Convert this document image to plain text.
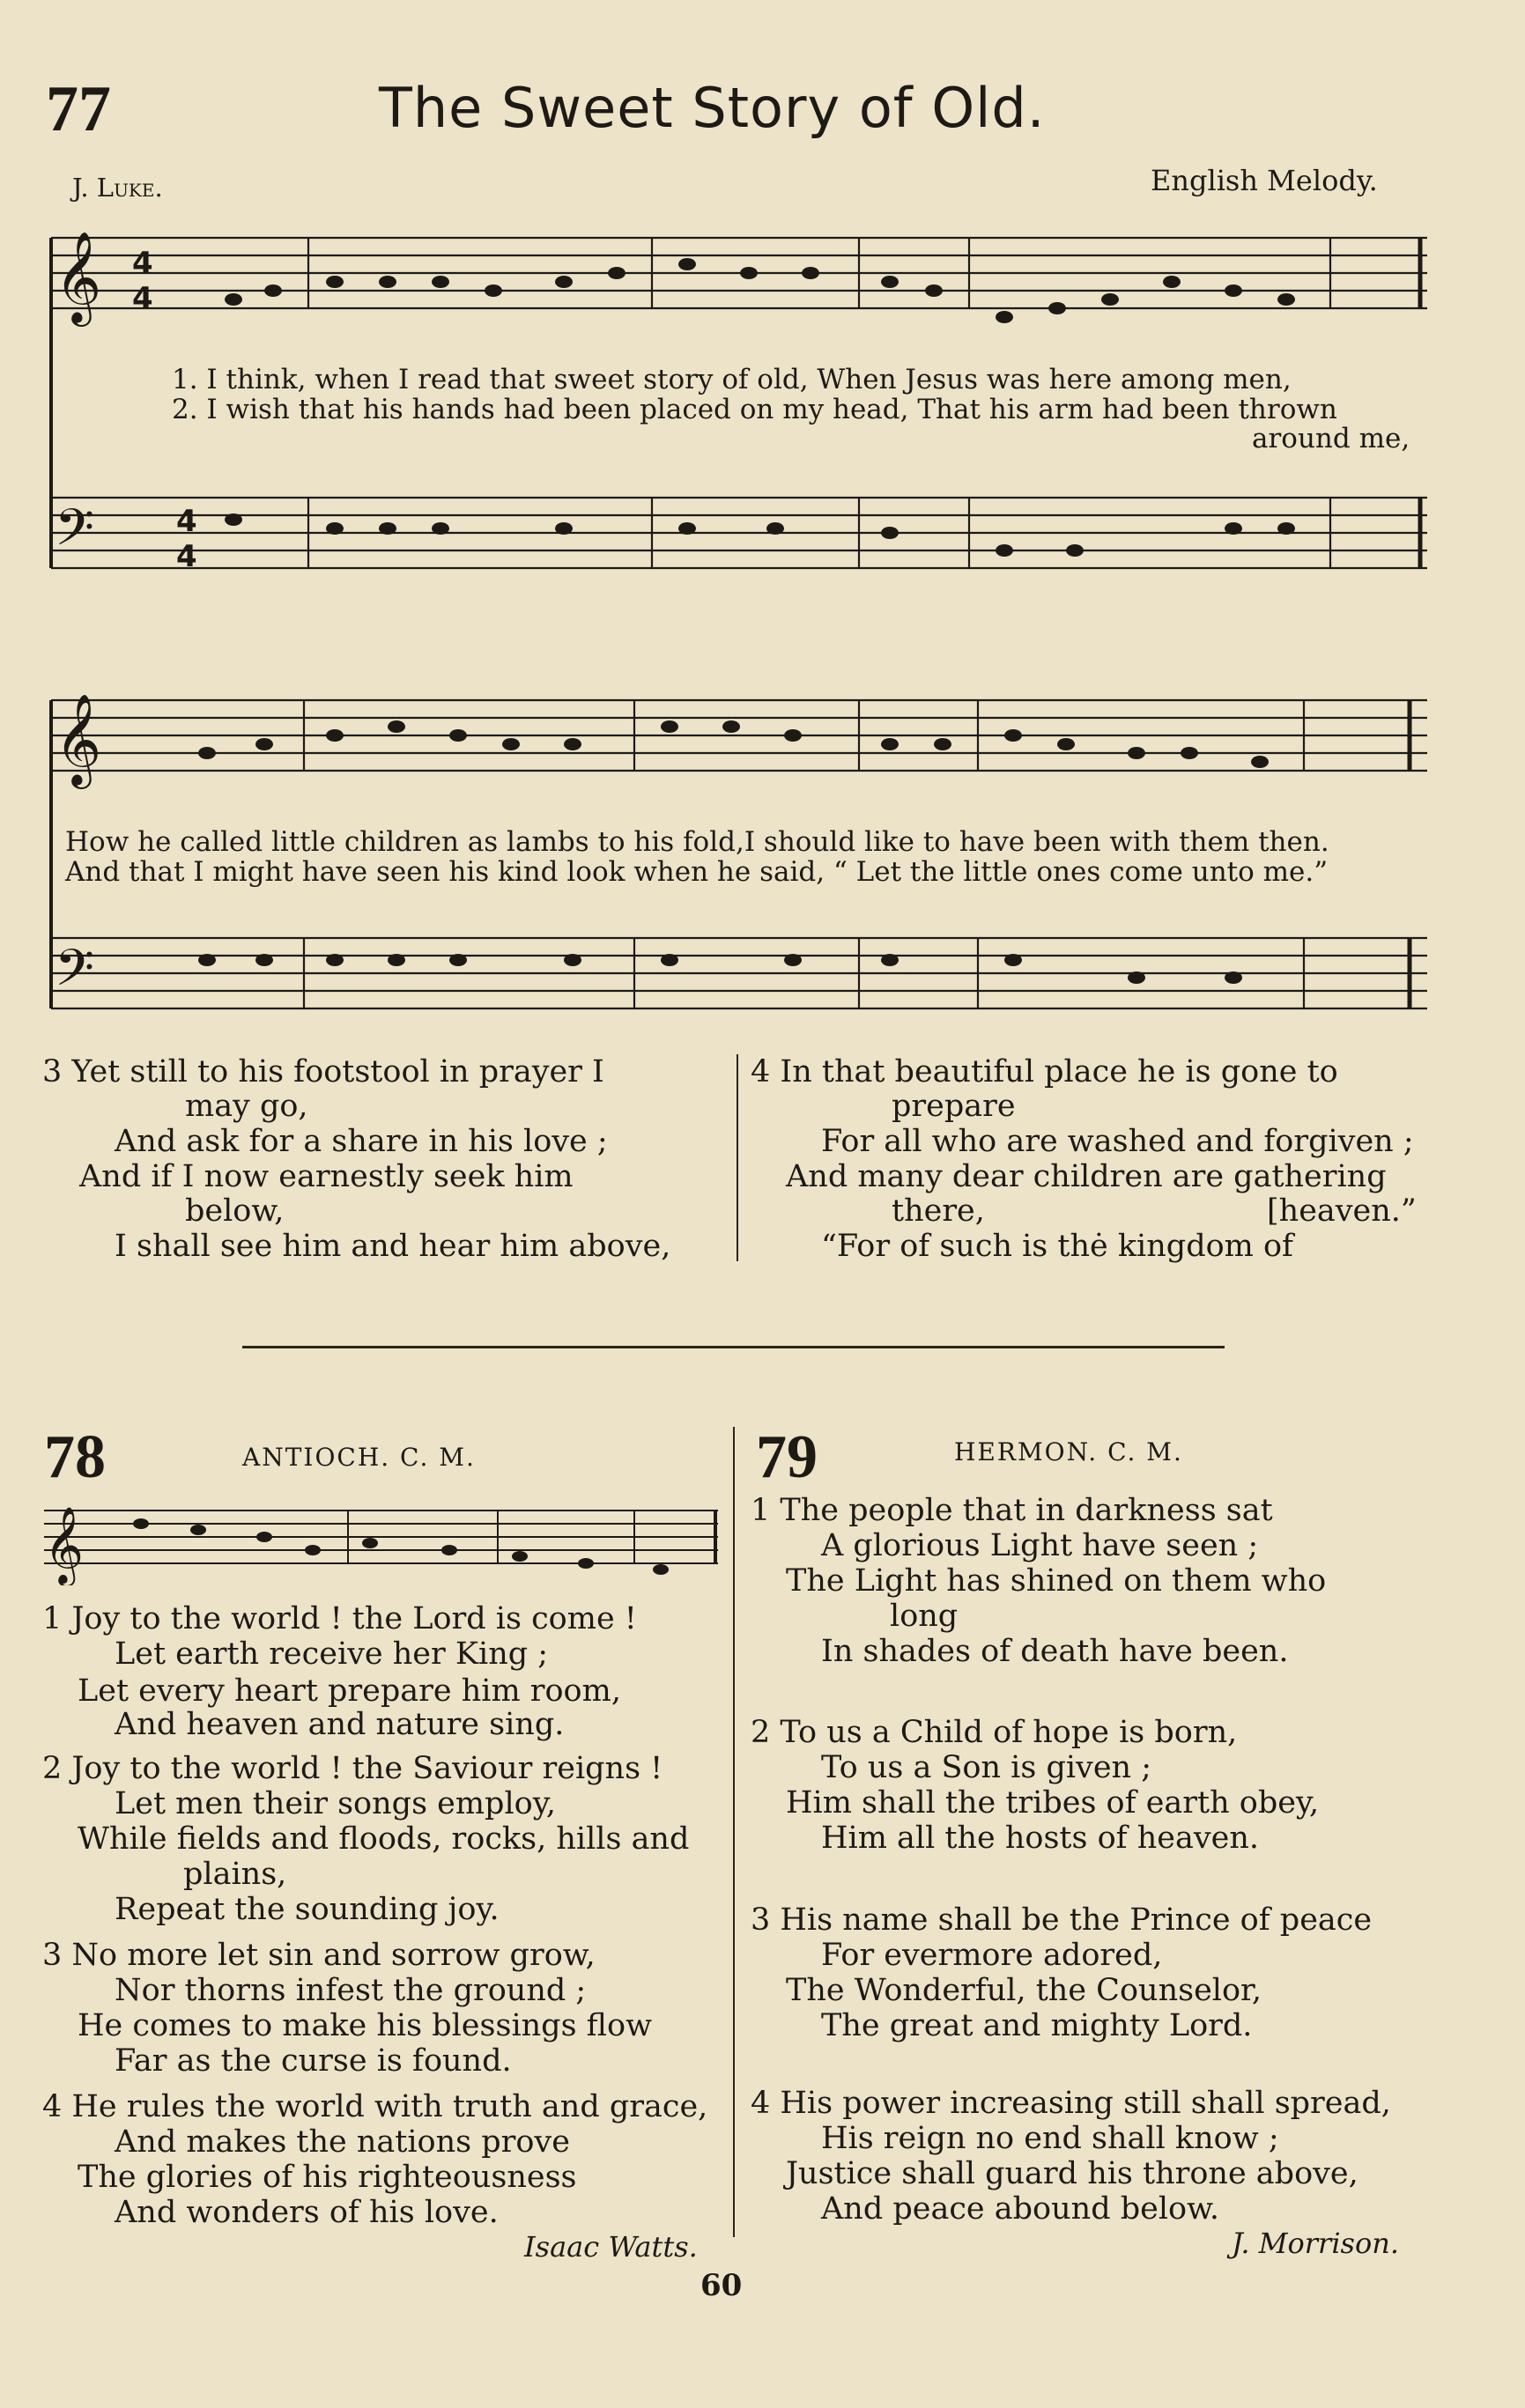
77	The Sweet Story of Old.
J. Luke.	English Melody.
𝄞 4
4
𝄢	4
4
𝄞
𝄢
𝄞
1. I think, when I read that sweet story of old, When Jesus was here among men,
2. I wish that his hands had been placed on my head, That his arm had been thrown
around me,
How he called little children as lambs to his fold,I should like to have been with them then.
And that I might have seen his kind look when he said, “ Let the little ones come unto me.”
3 Yet still to his footstool in prayer I
may go,
And ask for a share in his love ;
And if I now earnestly seek him
below,
I shall see him and hear him above,
4 In that beautiful place he is gone to
prepare
For all who are washed and forgiven ;
And many dear children are gathering
there,	[heaven.”
“For of such is thė kingdom of
78	ANTIOCH. C. M.
1 Joy to the world ! the Lord is come !
Let earth receive her King ;
Let every heart prepare him room,
And heaven and nature sing.
2 Joy to the world ! the Saviour reigns !
Let men their songs employ,
While fields and floods, rocks, hills and
plains,
Repeat the sounding joy.
3 No more let sin and sorrow grow,
Nor thorns infest the ground ;
He comes to make his blessings flow
Far as the curse is found.
4 He rules the world with truth and grace,
And makes the nations prove
The glories of his righteousness
And wonders of his love.
Isaac Watts.
79	HERMON. C. M.
1 The people that in darkness sat
A glorious Light have seen ;
The Light has shined on them who
long
In shades of death have been.
2 To us a Child of hope is born,
To us a Son is given ;
Him shall the tribes of earth obey,
Him all the hosts of heaven.
3 His name shall be the Prince of peace
For evermore adored,
The Wonderful, the Counselor,
The great and mighty Lord.
4 His power increasing still shall spread,
His reign no end shall know ;
Justice shall guard his throne above,
And peace abound below.
J. Morrison.
60
